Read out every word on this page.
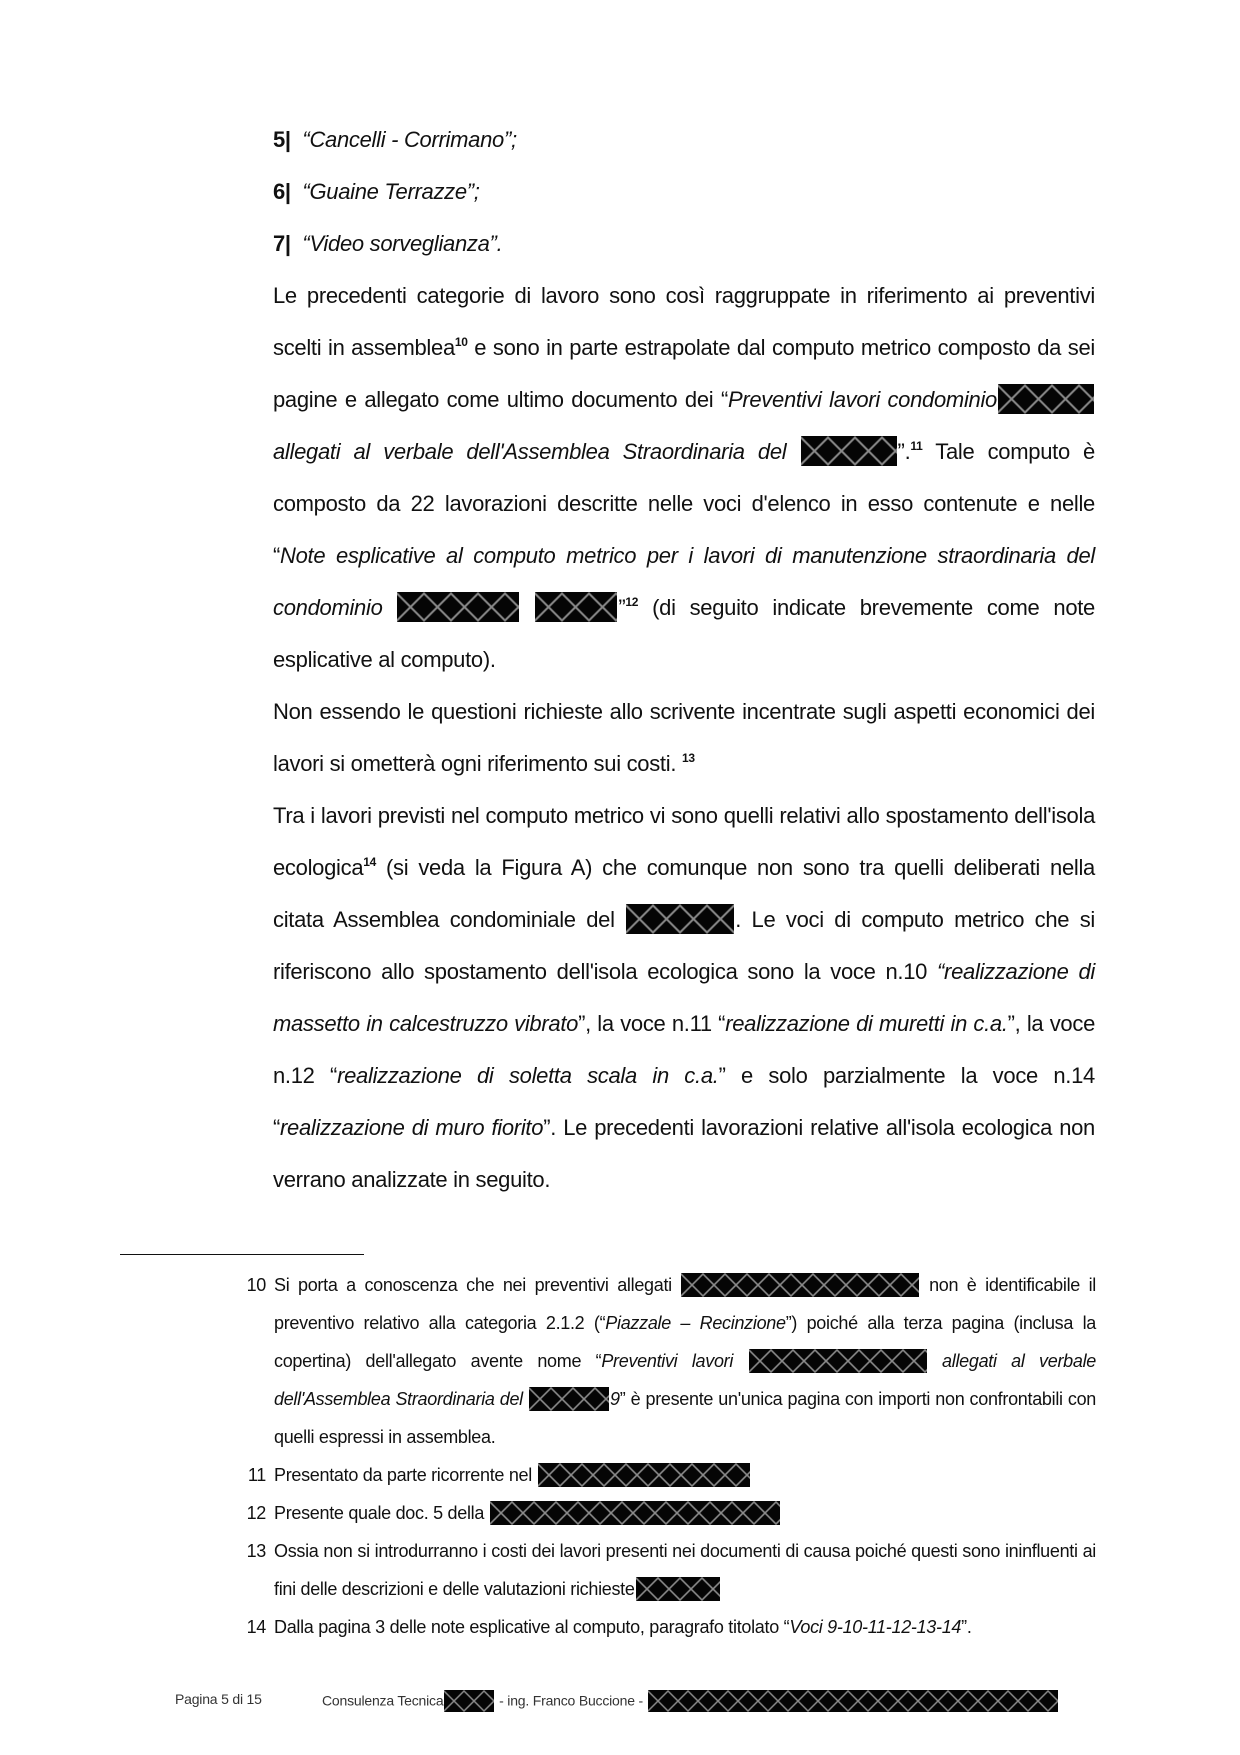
5| “Cancelli - Corrimano”;

6| “Guaine Terrazze”;

7| “Video sorveglianza”.

Le precedenti categorie di lavoro sono così raggruppate in riferimento ai preventivi scelti in assemblea$^{10}$ e sono in parte estrapolate dal computo metrico composto da sei pagine e allegato come ultimo documento dei “Preventivi lavori condominio allegati al verbale dell'Assemblea Straordinaria del	”.$^{11}$ Tale computo è composto da 22 lavorazioni descritte nelle voci d'elenco in esso contenute e nelle “Note esplicative al computo metrico per i lavori di manutenzione straordinaria del condominio	”$^{12}$ (di seguito indicate brevemente come note esplicative al computo).

Non essendo le questioni richieste allo scrivente incentrate sugli aspetti economici dei lavori si ometterà ogni riferimento sui costi. $^{13}$

Tra i lavori previsti nel computo metrico vi sono quelli relativi allo spostamento dell'isola ecologica$^{14}$ (si veda la Figura A) che comunque non sono tra quelli deliberati nella citata Assemblea condominiale del	. Le voci di computo metrico che si riferiscono allo spostamento dell'isola ecologica sono la voce n.10 “realizzazione di massetto in calcestruzzo vibrato”, la voce n.11 “realizzazione di muretti in c.a.”, la voce n.12 “realizzazione di soletta scala in c.a.” e solo parzialmente la voce n.14 “realizzazione di muro fiorito”. Le precedenti lavorazioni relative all'isola ecologica non verrano analizzate in seguito.

10 Si porta a conoscenza che nei preventivi allegati	non è identificabile il preventivo relativo alla categoria 2.1.2 (“Piazzale – Recinzione”) poiché alla terza pagina (inclusa la copertina) dell'allegato avente nome “Preventivi lavori	allegati al verbale dell'Assemblea Straordinaria del	9” è presente un'unica pagina con importi non confrontabili con quelli espressi in assemblea.
11 Presentato da parte ricorrente nel
12 Presente quale doc. 5 della
13 Ossia non si introdurranno i costi dei lavori presenti nei documenti di causa poiché questi sono ininfluenti ai fini delle descrizioni e delle valutazioni richieste
14 Dalla pagina 3 delle note esplicative al computo, paragrafo titolato “Voci 9-10-11-12-13-14”.
Pagina 5 di 15	Consulenza Tecnica	- ing. Franco Buccione -
